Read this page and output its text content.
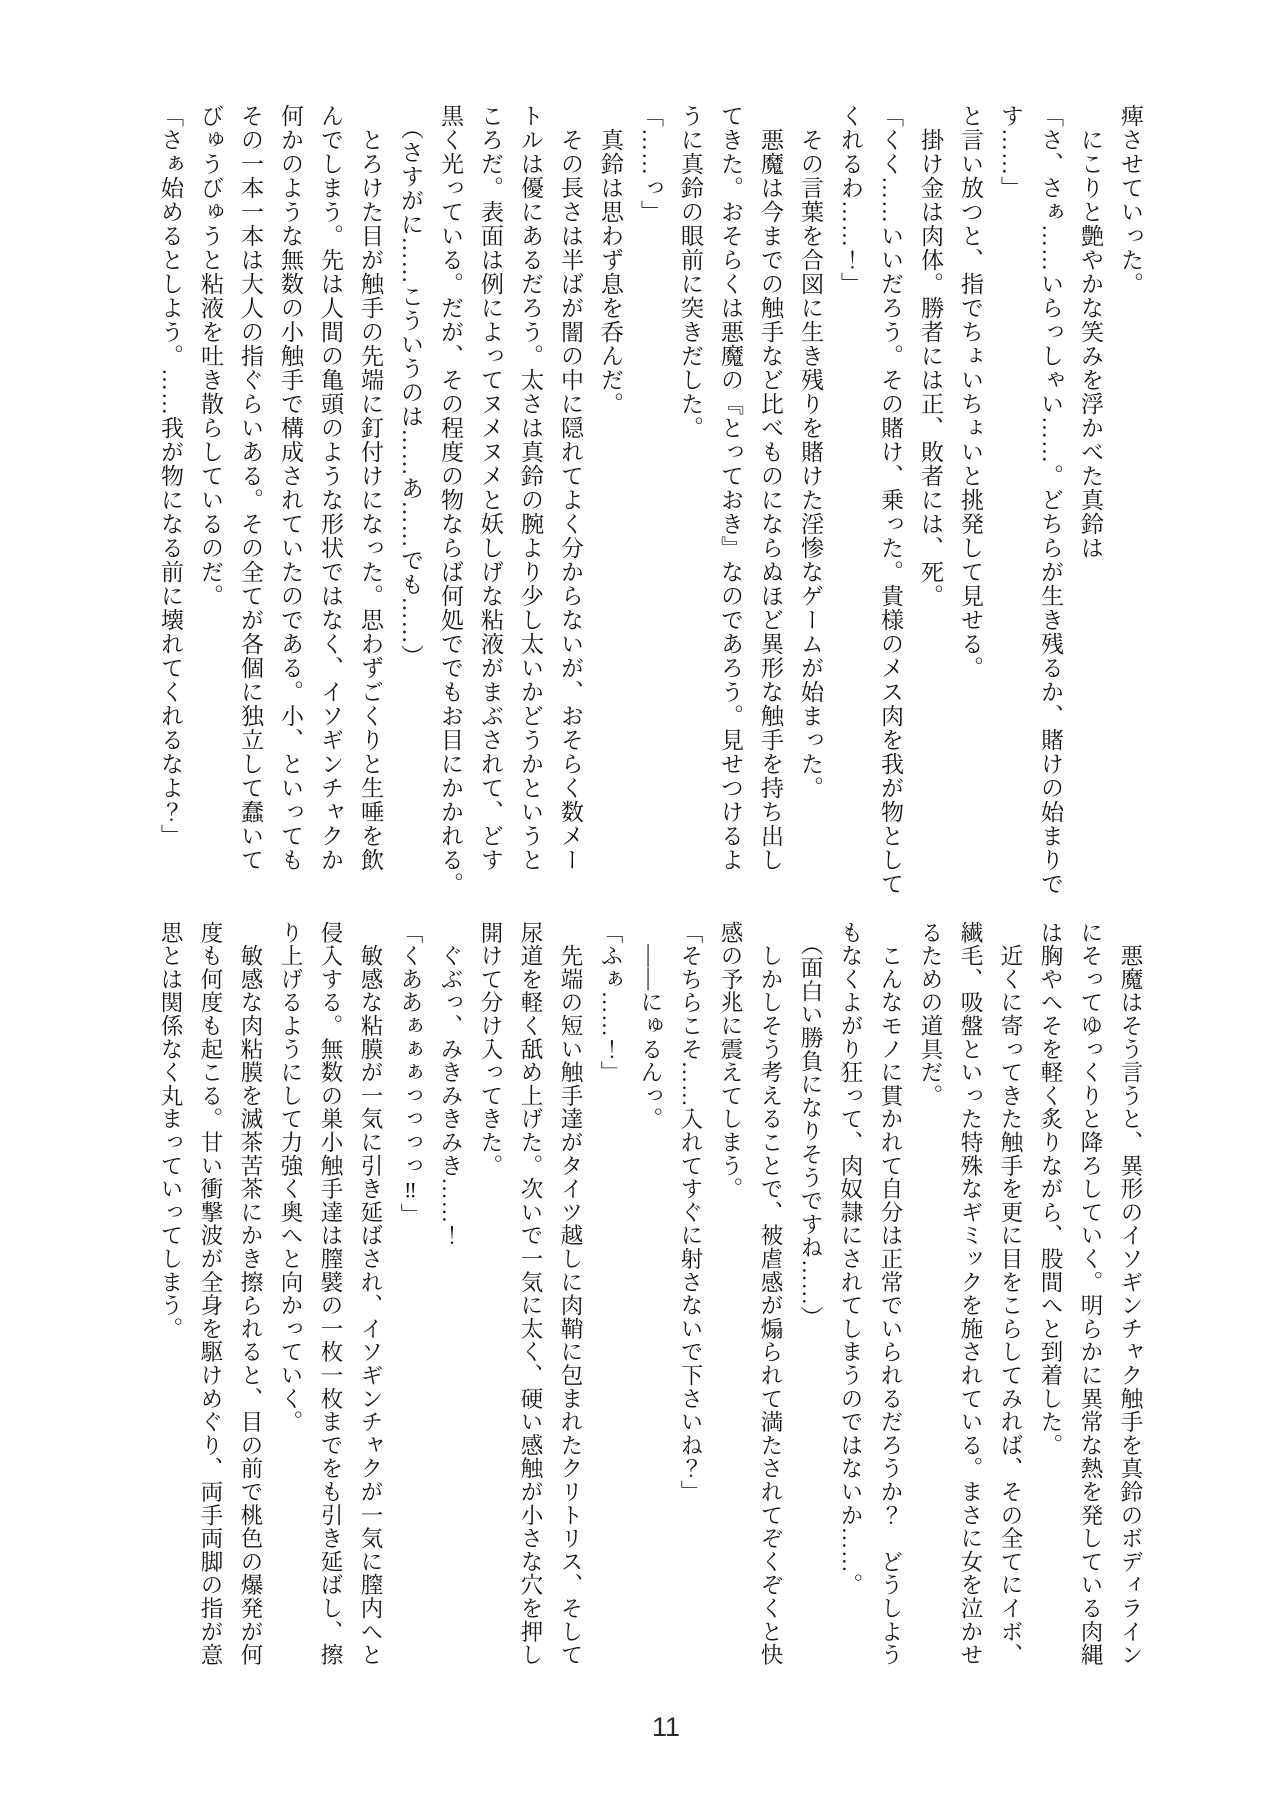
痺させていった。
　にこりと艶やかな笑みを浮かべた真鈴は
「さ、さぁ……いらっしゃい……。どちらが生き残るか、賭けの始まりで
す……」
と言い放つと、指でちょいちょいと挑発して見せる。
　掛け金は肉体。勝者には正、敗者には、死。
「くく……いいだろう。その賭け、乗った。貴様のメス肉を我が物として
くれるわ……！」
　その言葉を合図に生き残りを賭けた淫惨なゲームが始まった。
　悪魔は今までの触手など比べものにならぬほど異形な触手を持ち出し
てきた。おそらくは悪魔の『とっておき』なのであろう。見せつけるよ
うに真鈴の眼前に突きだした。
「……っ」
　真鈴は思わず息を呑んだ。
　その長さは半ばが闇の中に隠れてよく分からないが、おそらく数メー
トルは優にあるだろう。太さは真鈴の腕より少し太いかどうかというと
ころだ。表面は例によってヌメヌメと妖しげな粘液がまぶされて、どす
黒く光っている。だが、その程度の物ならば何処ででもお目にかかれる。
　（さすがに……こういうのは……あ……でも……）
　とろけた目が触手の先端に釘付けになった。思わずごくりと生唾を飲
んでしまう。先は人間の亀頭のような形状ではなく、イソギンチャクか
何かのような無数の小触手で構成されていたのである。小、といっても
その一本一本は大人の指ぐらいある。その全てが各個に独立して蠢いて
びゅうびゅうと粘液を吐き散らしているのだ。
「さぁ始めるとしよう。……我が物になる前に壊れてくれるなよ？」
　悪魔はそう言うと、異形のイソギンチャク触手を真鈴のボディライン
にそってゆっくりと降ろしていく。明らかに異常な熱を発している肉縄
は胸やへそを軽く炙りながら、股間へと到着した。
　近くに寄ってきた触手を更に目をこらしてみれば、その全てにイボ、
繊毛、吸盤といった特殊なギミックを施されている。まさに女を泣かせ
るための道具だ。
　こんなモノに貫かれて自分は正常でいられるだろうか？　どうしよう
もなくよがり狂って、肉奴隷にされてしまうのではないか……。
　（面白い勝負になりそうですね……）
　しかしそう考えることで、被虐感が煽られて満たされてぞくぞくと快
感の予兆に震えてしまう。
「そちらこそ……入れてすぐに射さないで下さいね？」
　――にゅるんっ。
「ふぁ……！」
　先端の短い触手達がタイツ越しに肉鞘に包まれたクリトリス、そして
尿道を軽く舐め上げた。次いで一気に太く、硬い感触が小さな穴を押し
開けて分け入ってきた。
　ぐぶっ、みきみきみき……！
「くああぁぁぁっっっっ‼」
　敏感な粘膜が一気に引き延ばされ、イソギンチャクが一気に膣内へと
侵入する。無数の巣小触手達は膣襞の一枚一枚までをも引き延ばし、擦
り上げるようにして力強く奥へと向かっていく。
　敏感な肉粘膜を滅茶苦茶にかき擦られると、目の前で桃色の爆発が何
度も何度も起こる。甘い衝撃波が全身を駆けめぐり、両手両脚の指が意
思とは関係なく丸まっていってしまう。
11
